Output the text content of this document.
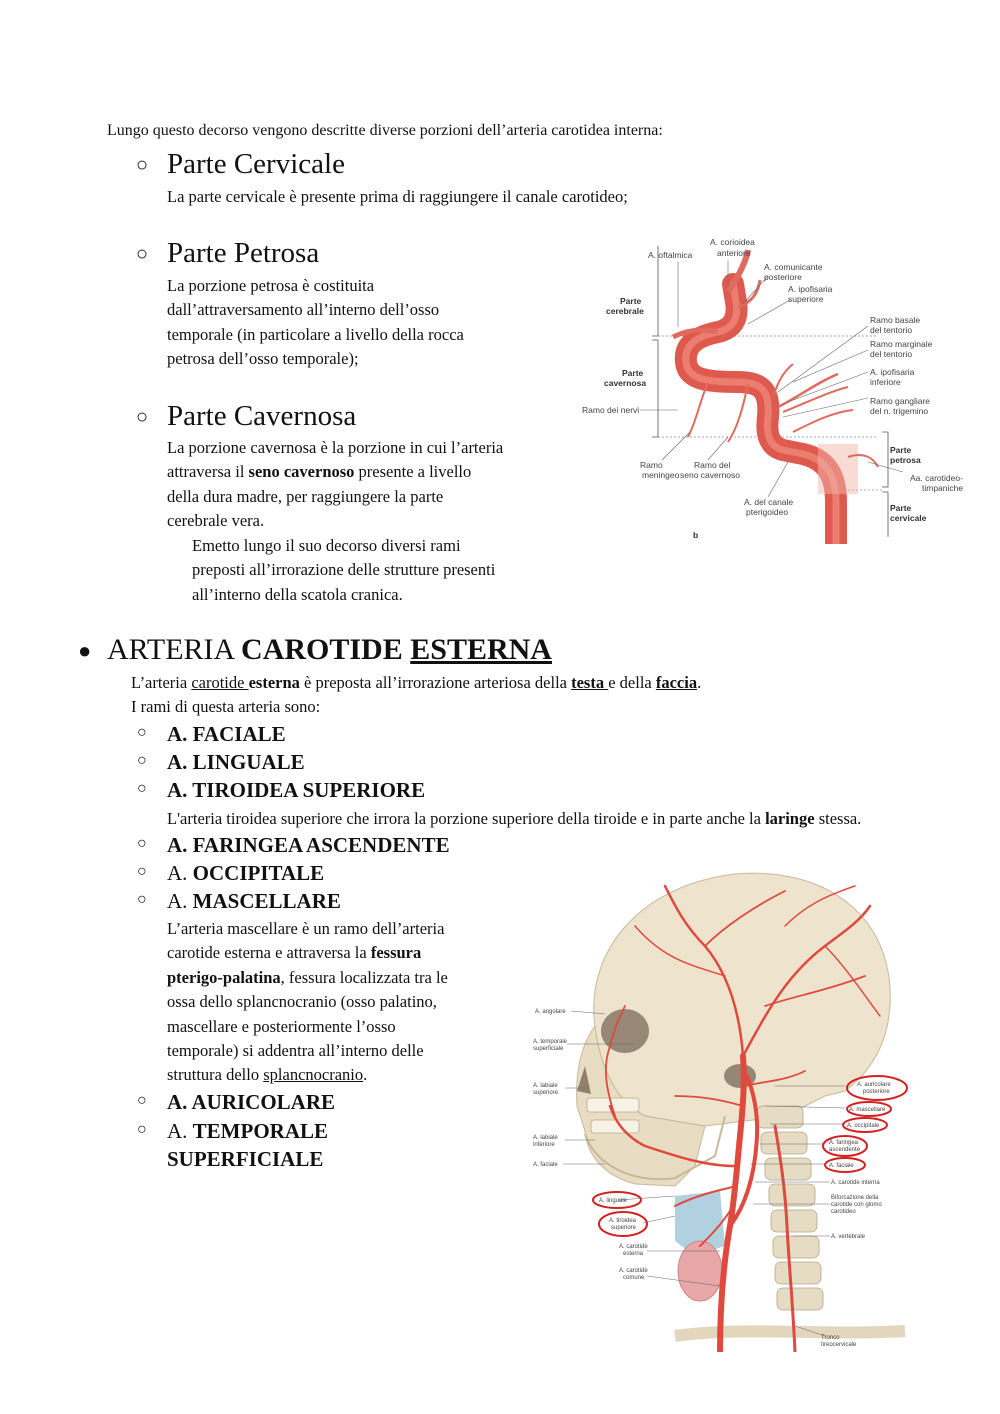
Lungo questo decorso vengono descritte diverse porzioni dell’arteria carotidea interna:
○ Parte Cervicale
La parte cervicale è presente prima di raggiungere il canale carotideo;
○ Parte Petrosa
La porzione petrosa è costituita
dall’attraversamento all’interno dell’osso
temporale (in particolare a livello della rocca
petrosa dell’osso temporale);
○ Parte Cavernosa
La porzione cavernosa è la porzione in cui l’arteria
attraversa il seno cavernoso presente a livello
della dura madre, per raggiungere la parte
cerebrale vera.
Emetto lungo il suo decorso diversi rami
preposti all’irrorazione delle strutture presenti
all’interno della scatola cranica.
A. oftalmica
A. corioidea
anteriore
A. comunicante
posteriore
A. ipofisaria
superiore
Ramo basale
del tentorio
Ramo marginale
del tentorio
A. ipofisaria
inferiore
Ramo gangliare
del n. trigemino
Parte
cerebrale
Parte
cavernosa
Ramo dei nervi
Ramo
meningeo
Ramo del
seno cavernoso
Parte
petrosa
Aa. carotideo-
timpaniche
A. del canale
pterigoideo	Parte
cervicale
b
● ARTERIA CAROTIDE ESTERNA
L’arteria carotide esterna è preposta all’irrorazione arteriosa della testa e della faccia.
I rami di questa arteria sono:
○ A. FACIALE
○ A. LINGUALE
○ A. TIROIDEA SUPERIORE
L'arteria tiroidea superiore che irrora la porzione superiore della tiroide e in parte anche la laringe stessa.
○ A. FARINGEA ASCENDENTE
○ A. OCCIPITALE
○ A. MASCELLARE
L’arteria mascellare è un ramo dell’arteria
carotide esterna e attraversa la fessura
pterigo-palatina, fessura localizzata tra le
ossa dello splancnocranio (osso palatino,
mascellare e posteriormente l’osso
temporale) si addentra all’interno delle
struttura dello splancnocranio.
○ A. AURICOLARE
○ A. TEMPORALE
SUPERFICIALE
A. angolare
A. temporale
superficiale
A. labiale
superiore
A. labiale
inferiore
A. faciale
A. linguale
A. tiroidea
superiore
A. carotide
esterna
A. carotide
comune
A. auricolare
posteriore
A. mascellare
A. occipitale
A. faringea
ascendente
A. faciale
A. carotide interna
Biforcazione della
carotide con glomo
carotideo
A. vertebrale
Tronco
tireocervicale
